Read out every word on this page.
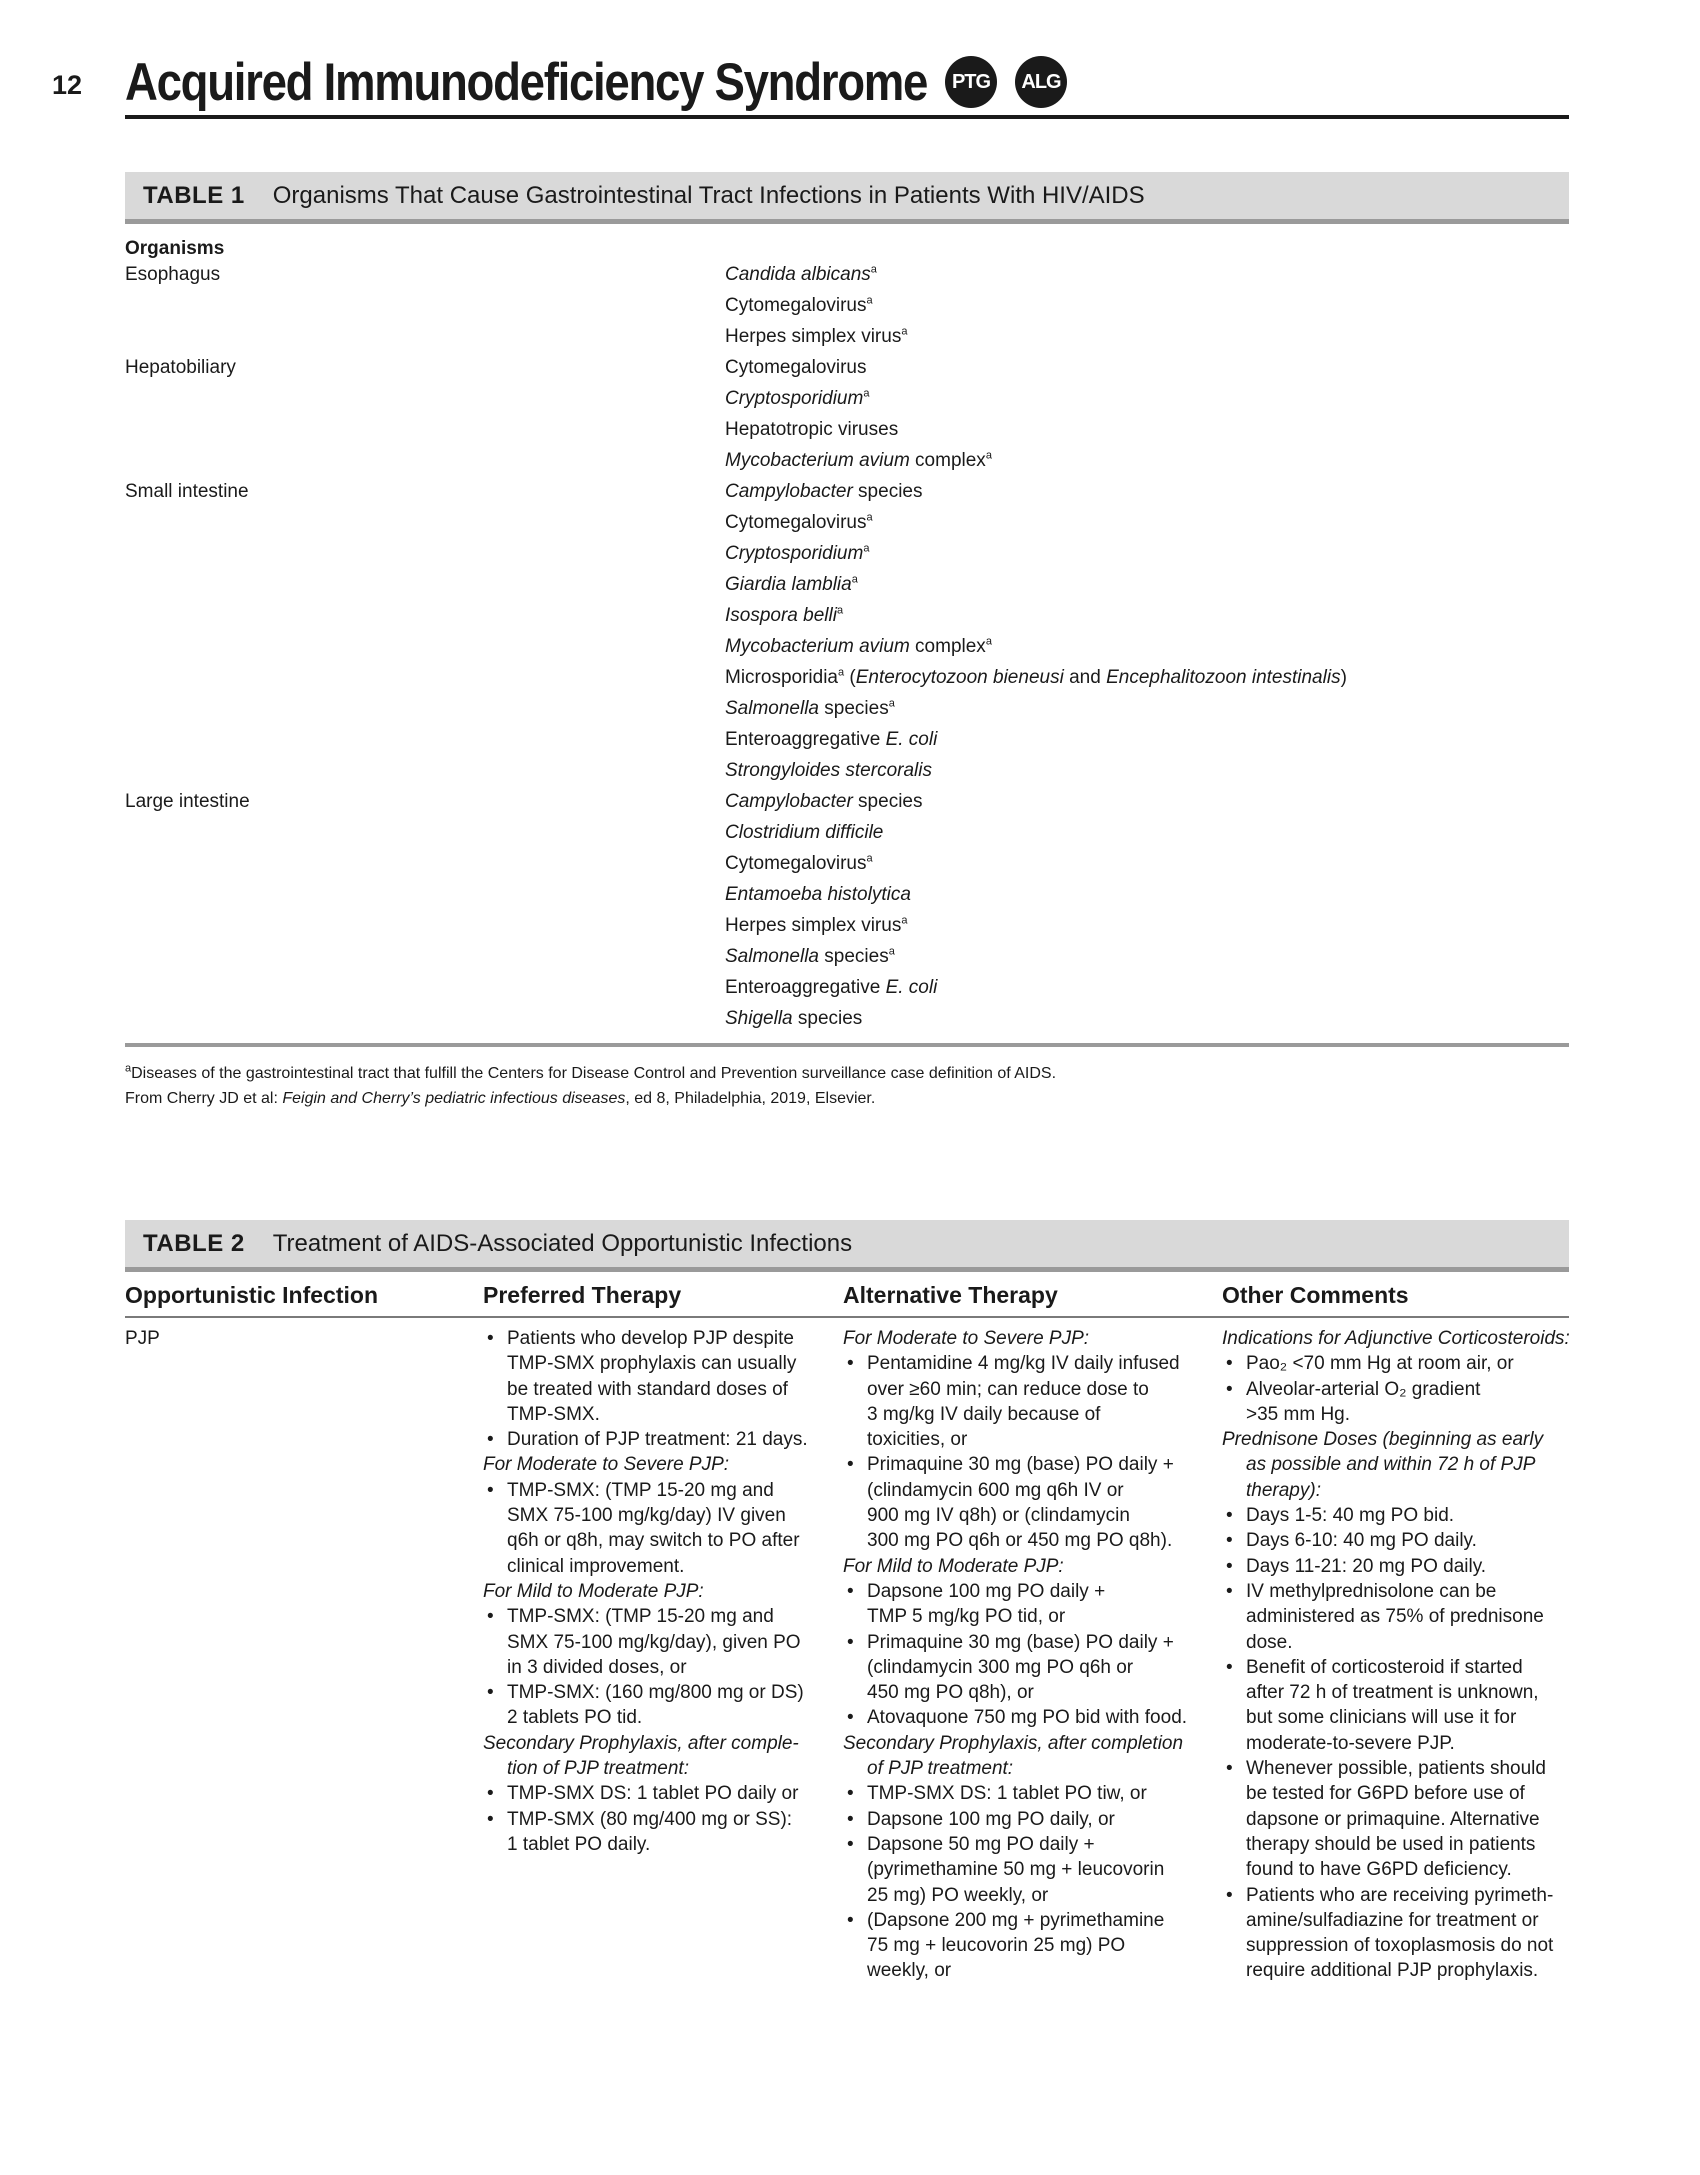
12 Acquired Immunodeficiency Syndrome	PTG	ALG
TABLE 1 Organisms That Cause Gastrointestinal Tract Infections in Patients With HIV/AIDS
Organisms
Esophagus	Candida albicans$^a$
Cytomegalovirus$^a$
Herpes simplex virus$^a$
Hepatobiliary	Cytomegalovirus
Cryptosporidium$^a$
Hepatotropic viruses
Mycobacterium avium complex$^a$
Small intestine	Campylobacter species
Cytomegalovirus$^a$
Cryptosporidium$^a$
Giardia lamblia$^a$
Isospora belli$^a$
Mycobacterium avium complex$^a$
Microsporidia$^a$ (Enterocytozoon bieneusi and Encephalitozoon intestinalis)
Salmonella species$^a$
Enteroaggregative E. coli
Strongyloides stercoralis
Large intestine	Campylobacter species
Clostridium difficile
Cytomegalovirus$^a$
Entamoeba histolytica
Herpes simplex virus$^a$
Salmonella species$^a$
Enteroaggregative E. coli
Shigella species
$^a$Diseases of the gastrointestinal tract that fulfill the Centers for Disease Control and Prevention surveillance case definition of AIDS.
From Cherry JD et al: Feigin and Cherry’s pediatric infectious diseases, ed 8, Philadelphia, 2019, Elsevier.
TABLE 2 Treatment of AIDS-Associated Opportunistic Infections
Opportunistic Infection	Preferred Therapy	Alternative Therapy	Other Comments
PJP
•	Patients who develop PJP despite
TMP-SMX prophylaxis can usually
be treated with standard doses of
TMP-SMX.
• Duration of PJP treatment: 21 days.
For Moderate to Severe PJP:
• TMP-SMX: (TMP 15-20 mg and
SMX 75-100 mg/kg/day) IV given
q6h or q8h, may switch to PO after
clinical improvement.
For Mild to Moderate PJP:
• TMP-SMX: (TMP 15-20 mg and
SMX 75-100 mg/kg/day), given PO
in 3 divided doses, or
• TMP-SMX: (160 mg/800 mg or DS)
2 tablets PO tid.
Secondary Prophylaxis, after comple-
tion of PJP treatment:
• TMP-SMX DS: 1 tablet PO daily or
• TMP-SMX (80 mg/400 mg or SS):
1 tablet PO daily.
For Moderate to Severe PJP:
• Pentamidine 4 mg/kg IV daily infused
over ≥60 min; can reduce dose to
3 mg/kg IV daily because of
toxicities, or
• Primaquine 30 mg (base) PO daily +
(clindamycin 600 mg q6h IV or
900 mg IV q8h) or (clindamycin
300 mg PO q6h or 450 mg PO q8h).
For Mild to Moderate PJP:
• Dapsone 100 mg PO daily +
TMP 5 mg/kg PO tid, or
• Primaquine 30 mg (base) PO daily +
(clindamycin 300 mg PO q6h or
450 mg PO q8h), or
• Atovaquone 750 mg PO bid with food.
Secondary Prophylaxis, after completion
of PJP treatment:
• TMP-SMX DS: 1 tablet PO tiw, or
• Dapsone 100 mg PO daily, or
• Dapsone 50 mg PO daily +
(pyrimethamine 50 mg + leucovorin
25 mg) PO weekly, or
• (Dapsone 200 mg + pyrimethamine
75 mg + leucovorin 25 mg) PO
weekly, or
Indications for Adjunctive Corticosteroids:
• Pao₂ <70 mm Hg at room air, or
• Alveolar-arterial O₂ gradient
>35 mm Hg.
Prednisone Doses (beginning as early
as possible and within 72 h of PJP
therapy):
• Days 1-5: 40 mg PO bid.
• Days 6-10: 40 mg PO daily.
• Days 11-21: 20 mg PO daily.
• IV methylprednisolone can be
administered as 75% of prednisone
dose.
• Benefit of corticosteroid if started
after 72 h of treatment is unknown,
but some clinicians will use it for
moderate-to-severe PJP.
• Whenever possible, patients should
be tested for G6PD before use of
dapsone or primaquine. Alternative
therapy should be used in patients
found to have G6PD deficiency.
• Patients who are receiving pyrimeth-
amine/sulfadiazine for treatment or
suppression of toxoplasmosis do not
require additional PJP prophylaxis.
